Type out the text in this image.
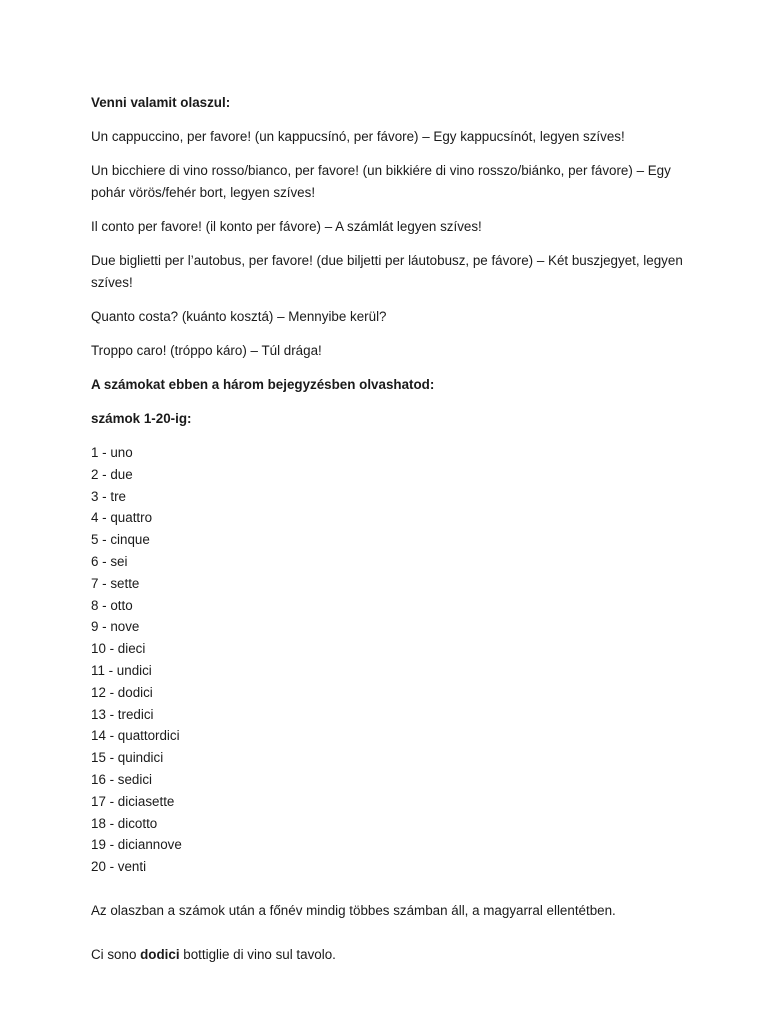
Venni valamit olaszul:

Un cappuccino, per favore! (un kappucsínó, per fávore) – Egy kappucsínót, legyen szíves!

Un bicchiere di vino rosso/bianco, per favore! (un bikkiére di vino rosszo/biánko, per fávore) – Egy pohár vörös/fehér bort, legyen szíves!

Il conto per favore! (il konto per fávore) – A számlát legyen szíves!

Due biglietti per l’autobus, per favore! (due biljetti per láutobusz, pe fávore) – Két buszjegyet, legyen szíves!

Quanto costa? (kuánto kosztá) – Mennyibe kerül?

Troppo caro! (tróppo káro) – Túl drága!

A számokat ebben a három bejegyzésben olvashatod:

számok 1-20-ig:

1 - uno
2 - due
3 - tre
4 - quattro
5 - cinque
6 - sei
7 - sette
8 - otto
9 - nove
10 - dieci
11 - undici
12 - dodici
13 - tredici
14 - quattordici
15 - quindici
16 - sedici
17 - diciasette
18 - dicotto
19 - diciannove
20 - venti

Az olaszban a számok után a főnév mindig többes számban áll, a magyarral ellentétben.

Ci sono dodici bottiglie di vino sul tavolo.
